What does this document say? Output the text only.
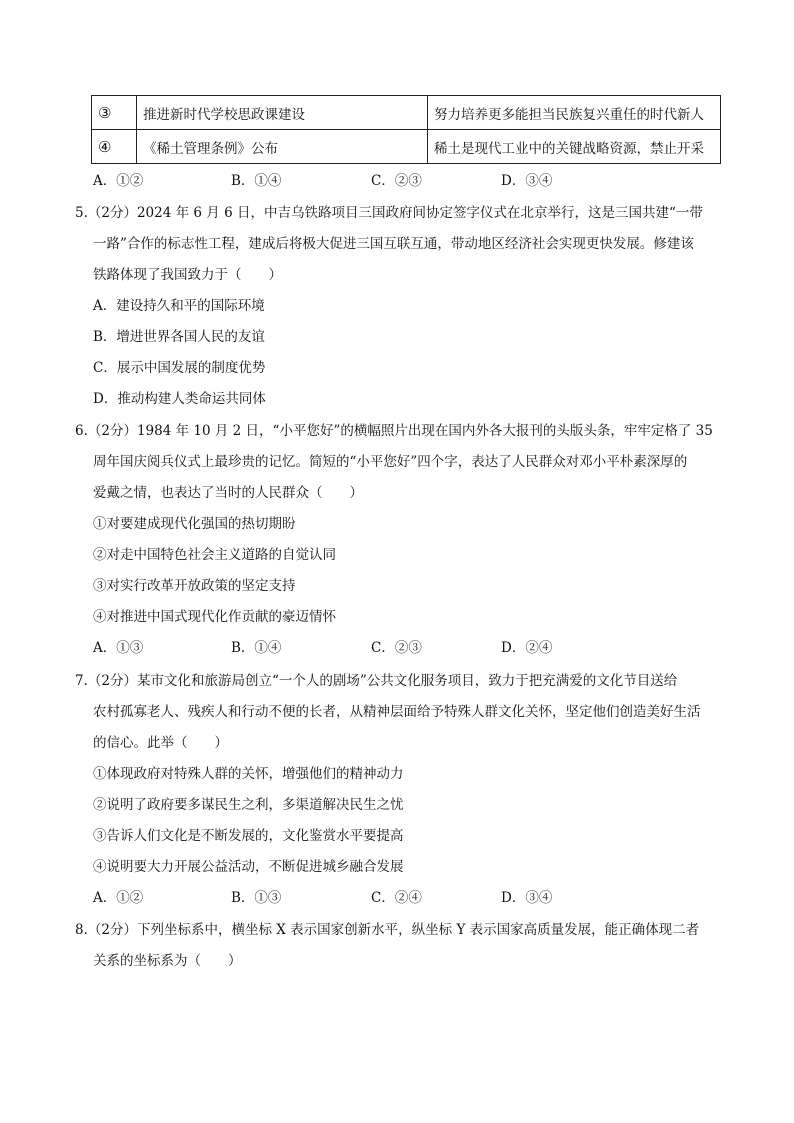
③	推进新时代学校思政课建设	努力培养更多能担当民族复兴重任的时代新人
④	《稀土管理条例》公布	稀土是现代工业中的关键战略资源，禁止开采
A．①②	B．①④	C．②③	D．③④
5.（2分）2024 年 6 月 6 日，中吉乌铁路项目三国政府间协定签字仪式在北京举行，这是三国共建“一带
一路”合作的标志性工程，建成后将极大促进三国互联互通，带动地区经济社会实现更快发展。修建该
铁路体现了我国致力于（　　）
A．建设持久和平的国际环境
B．增进世界各国人民的友谊
C．展示中国发展的制度优势
D．推动构建人类命运共同体
6.（2分）1984 年 10 月 2 日，“小平您好”的横幅照片出现在国内外各大报刊的头版头条，牢牢定格了 35
周年国庆阅兵仪式上最珍贵的记忆。简短的“小平您好”四个字，表达了人民群众对邓小平朴素深厚的
爱戴之情，也表达了当时的人民群众（　　）
①对要建成现代化强国的热切期盼
②对走中国特色社会主义道路的自觉认同
③对实行改革开放政策的坚定支持
④对推进中国式现代化作贡献的豪迈情怀
A．①③	B．①④	C．②③	D．②④
7.（2分）某市文化和旅游局创立“一个人的剧场”公共文化服务项目，致力于把充满爱的文化节目送给
农村孤寡老人、残疾人和行动不便的长者，从精神层面给予特殊人群文化关怀，坚定他们创造美好生活
的信心。此举（　　）
①体现政府对特殊人群的关怀，增强他们的精神动力
②说明了政府要多谋民生之利，多渠道解决民生之忧
③告诉人们文化是不断发展的，文化鉴赏水平要提高
④说明要大力开展公益活动，不断促进城乡融合发展
A．①②	B．①③	C．②④	D．③④
8.（2分）下列坐标系中，横坐标 X 表示国家创新水平，纵坐标 Y 表示国家高质量发展，能正确体现二者
关系的坐标系为（　　）
